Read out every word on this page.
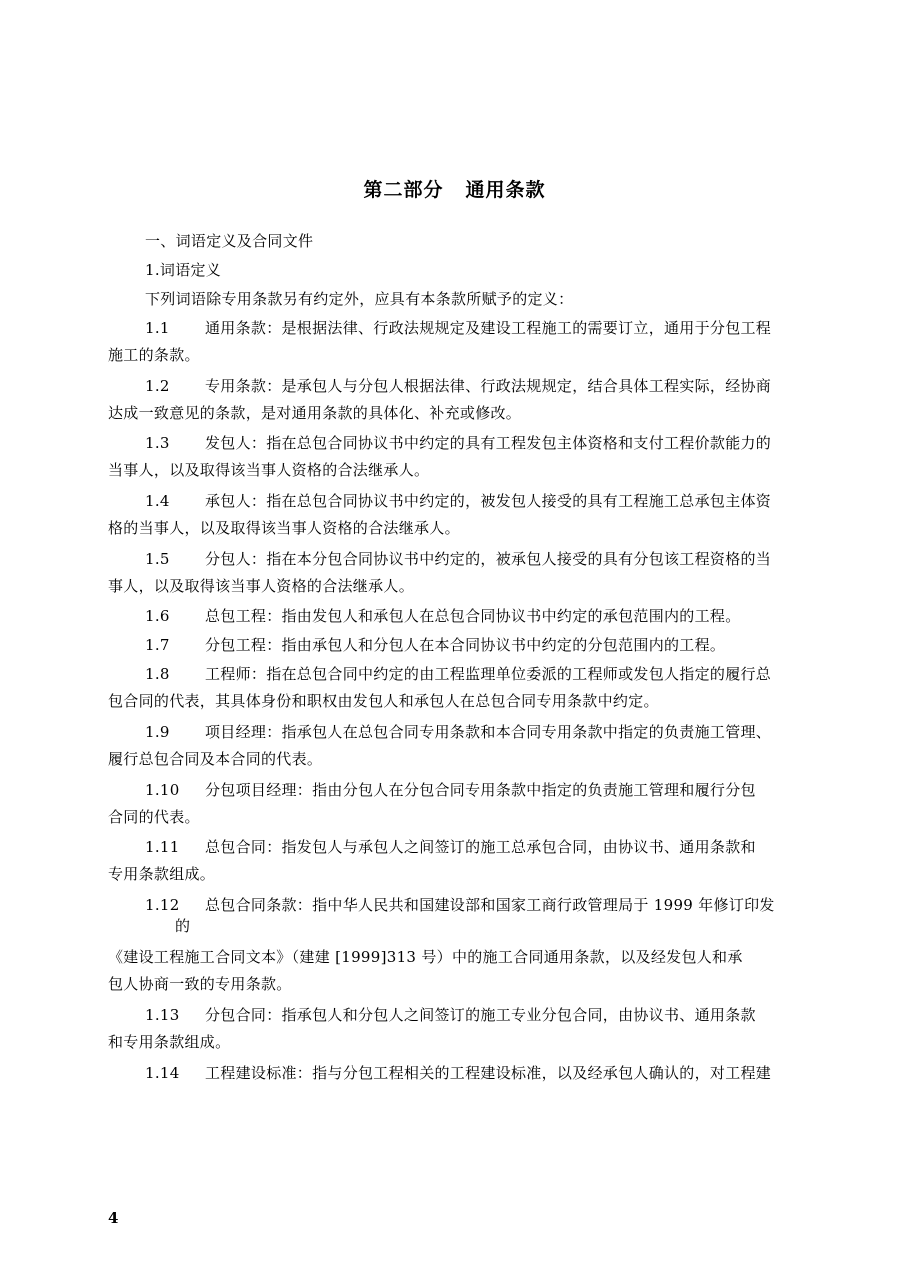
第二部分 通用条款
一、词语定义及合同文件
1.词语定义
下列词语除专用条款另有约定外，应具有本条款所赋予的定义：
1.1 通用条款：是根据法律、行政法规规定及建设工程施工的需要订立，通用于分包工程
施工的条款。
1.2 专用条款：是承包人与分包人根据法律、行政法规规定，结合具体工程实际，经协商
达成一致意见的条款，是对通用条款的具体化、补充或修改。
1.3 发包人：指在总包合同协议书中约定的具有工程发包主体资格和支付工程价款能力的
当事人，以及取得该当事人资格的合法继承人。
1.4 承包人：指在总包合同协议书中约定的，被发包人接受的具有工程施工总承包主体资
格的当事人，以及取得该当事人资格的合法继承人。
1.5 分包人：指在本分包合同协议书中约定的，被承包人接受的具有分包该工程资格的当
事人，以及取得该当事人资格的合法继承人。
1.6 总包工程：指由发包人和承包人在总包合同协议书中约定的承包范围内的工程。
1.7 分包工程：指由承包人和分包人在本合同协议书中约定的分包范围内的工程。
1.8 工程师：指在总包合同中约定的由工程监理单位委派的工程师或发包人指定的履行总
包合同的代表，其具体身份和职权由发包人和承包人在总包合同专用条款中约定。
1.9 项目经理：指承包人在总包合同专用条款和本合同专用条款中指定的负责施工管理、
履行总包合同及本合同的代表。
1.10 分包项目经理：指由分包人在分包合同专用条款中指定的负责施工管理和履行分包
合同的代表。
1.11 总包合同：指发包人与承包人之间签订的施工总承包合同，由协议书、通用条款和
专用条款组成。
1.12 总包合同条款：指中华人民共和国建设部和国家工商行政管理局于 1999 年修订印发
的
《建设工程施工合同文本》（建建 [1999]313 号）中的施工合同通用条款，以及经发包人和承
包人协商一致的专用条款。
1.13 分包合同：指承包人和分包人之间签订的施工专业分包合同，由协议书、通用条款
和专用条款组成。
1.14 工程建设标准：指与分包工程相关的工程建设标准，以及经承包人确认的，对工程建
4
